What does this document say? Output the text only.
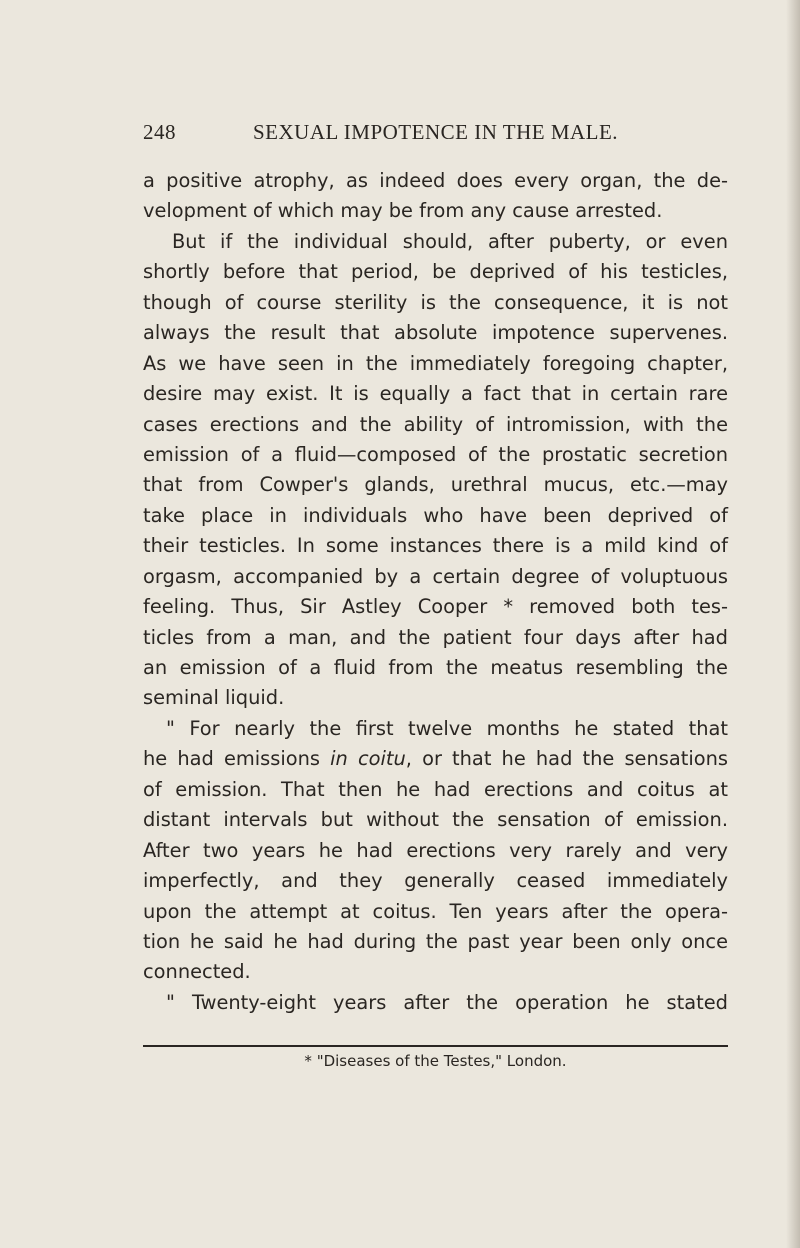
248	SEXUAL IMPOTENCE IN THE MALE.
a positive atrophy, as indeed does every organ, the de-
velopment of which may be from any cause arrested.
But if the individual should, after puberty, or even
shortly before that period, be deprived of his testicles,
though of course sterility is the consequence, it is not
always the result that absolute impotence supervenes.
As we have seen in the immediately foregoing chapter,
desire may exist. It is equally a fact that in certain rare
cases erections and the ability of intromission, with the
emission of a fluid—composed of the prostatic secretion
that from Cowper's glands, urethral mucus, etc.—may
take place in individuals who have been deprived of
their testicles. In some instances there is a mild kind of
orgasm, accompanied by a certain degree of voluptuous
feeling. Thus, Sir Astley Cooper * removed both tes-
ticles from a man, and the patient four days after had
an emission of a fluid from the meatus resembling the
seminal liquid.
" For nearly the first twelve months he stated that
he had emissions in coitu, or that he had the sensations
of emission. That then he had erections and coitus at
distant intervals but without the sensation of emission.
After two years he had erections very rarely and very
imperfectly, and they generally ceased immediately
upon the attempt at coitus. Ten years after the opera-
tion he said he had during the past year been only once
connected.
" Twenty-eight years after the operation he stated
* "Diseases of the Testes," London.
